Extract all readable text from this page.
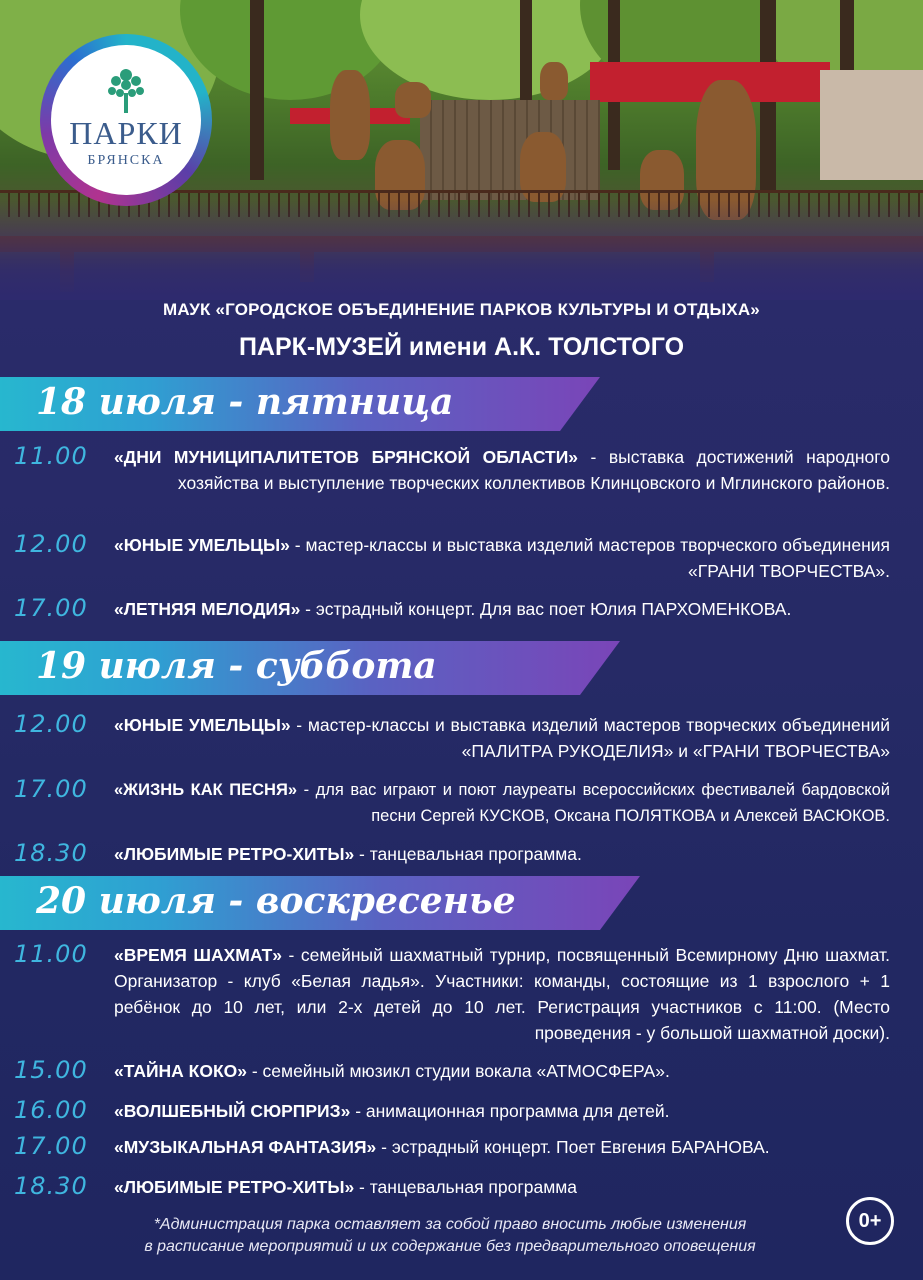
ПАРКИ
БРЯНСКА
МАУК «ГОРОДСКОЕ ОБЪЕДИНЕНИЕ ПАРКОВ КУЛЬТУРЫ И ОТДЫХА»
ПАРК-МУЗЕЙ имени А.К. ТОЛСТОГО
18 июля - пятница
11.00	«ДНИ МУНИЦИПАЛИТЕТОВ БРЯНСКОЙ ОБЛАСТИ» - выставка достижений народного хозяйства и выступление творческих коллективов Клинцовского и Мглинского районов.
12.00	«ЮНЫЕ УМЕЛЬЦЫ» - мастер-классы и выставка изделий мастеров творческого объединения «ГРАНИ ТВОРЧЕСТВА».
17.00	«ЛЕТНЯЯ МЕЛОДИЯ» - эстрадный концерт. Для вас поет Юлия ПАРХОМЕНКОВА.
19 июля - суббота
12.00	«ЮНЫЕ УМЕЛЬЦЫ» - мастер-классы и выставка изделий мастеров творческих объединений «ПАЛИТРА РУКОДЕЛИЯ» и «ГРАНИ ТВОРЧЕСТВА»
17.00	«ЖИЗНЬ КАК ПЕСНЯ» - для вас играют и поют лауреаты всероссийских фестивалей бардовской песни Сергей КУСКОВ, Оксана ПОЛЯТКОВА и Алексей ВАСЮКОВ.
18.30	«ЛЮБИМЫЕ РЕТРО-ХИТЫ» - танцевальная программа.
20 июля - воскресенье
11.00	«ВРЕМЯ ШАХМАТ» - семейный шахматный турнир, посвященный Всемирному Дню шахмат. Организатор - клуб «Белая ладья». Участники: команды, состоящие из 1 взрослого + 1 ребёнок до 10 лет, или 2-х детей до 10 лет. Регистрация участников с 11:00. (Место проведения - у большой шахматной доски).
15.00	«ТАЙНА КОКО» - семейный мюзикл студии вокала «АТМОСФЕРА».
16.00	«ВОЛШЕБНЫЙ СЮРПРИЗ» - анимационная программа для детей.
17.00	«МУЗЫКАЛЬНАЯ ФАНТАЗИЯ» - эстрадный концерт. Поет Евгения БАРАНОВА.
18.30	«ЛЮБИМЫЕ РЕТРО-ХИТЫ» - танцевальная программа
*Администрация парка оставляет за собой право вносить любые изменения
в расписание мероприятий и их содержание без предварительного оповещения
0+
